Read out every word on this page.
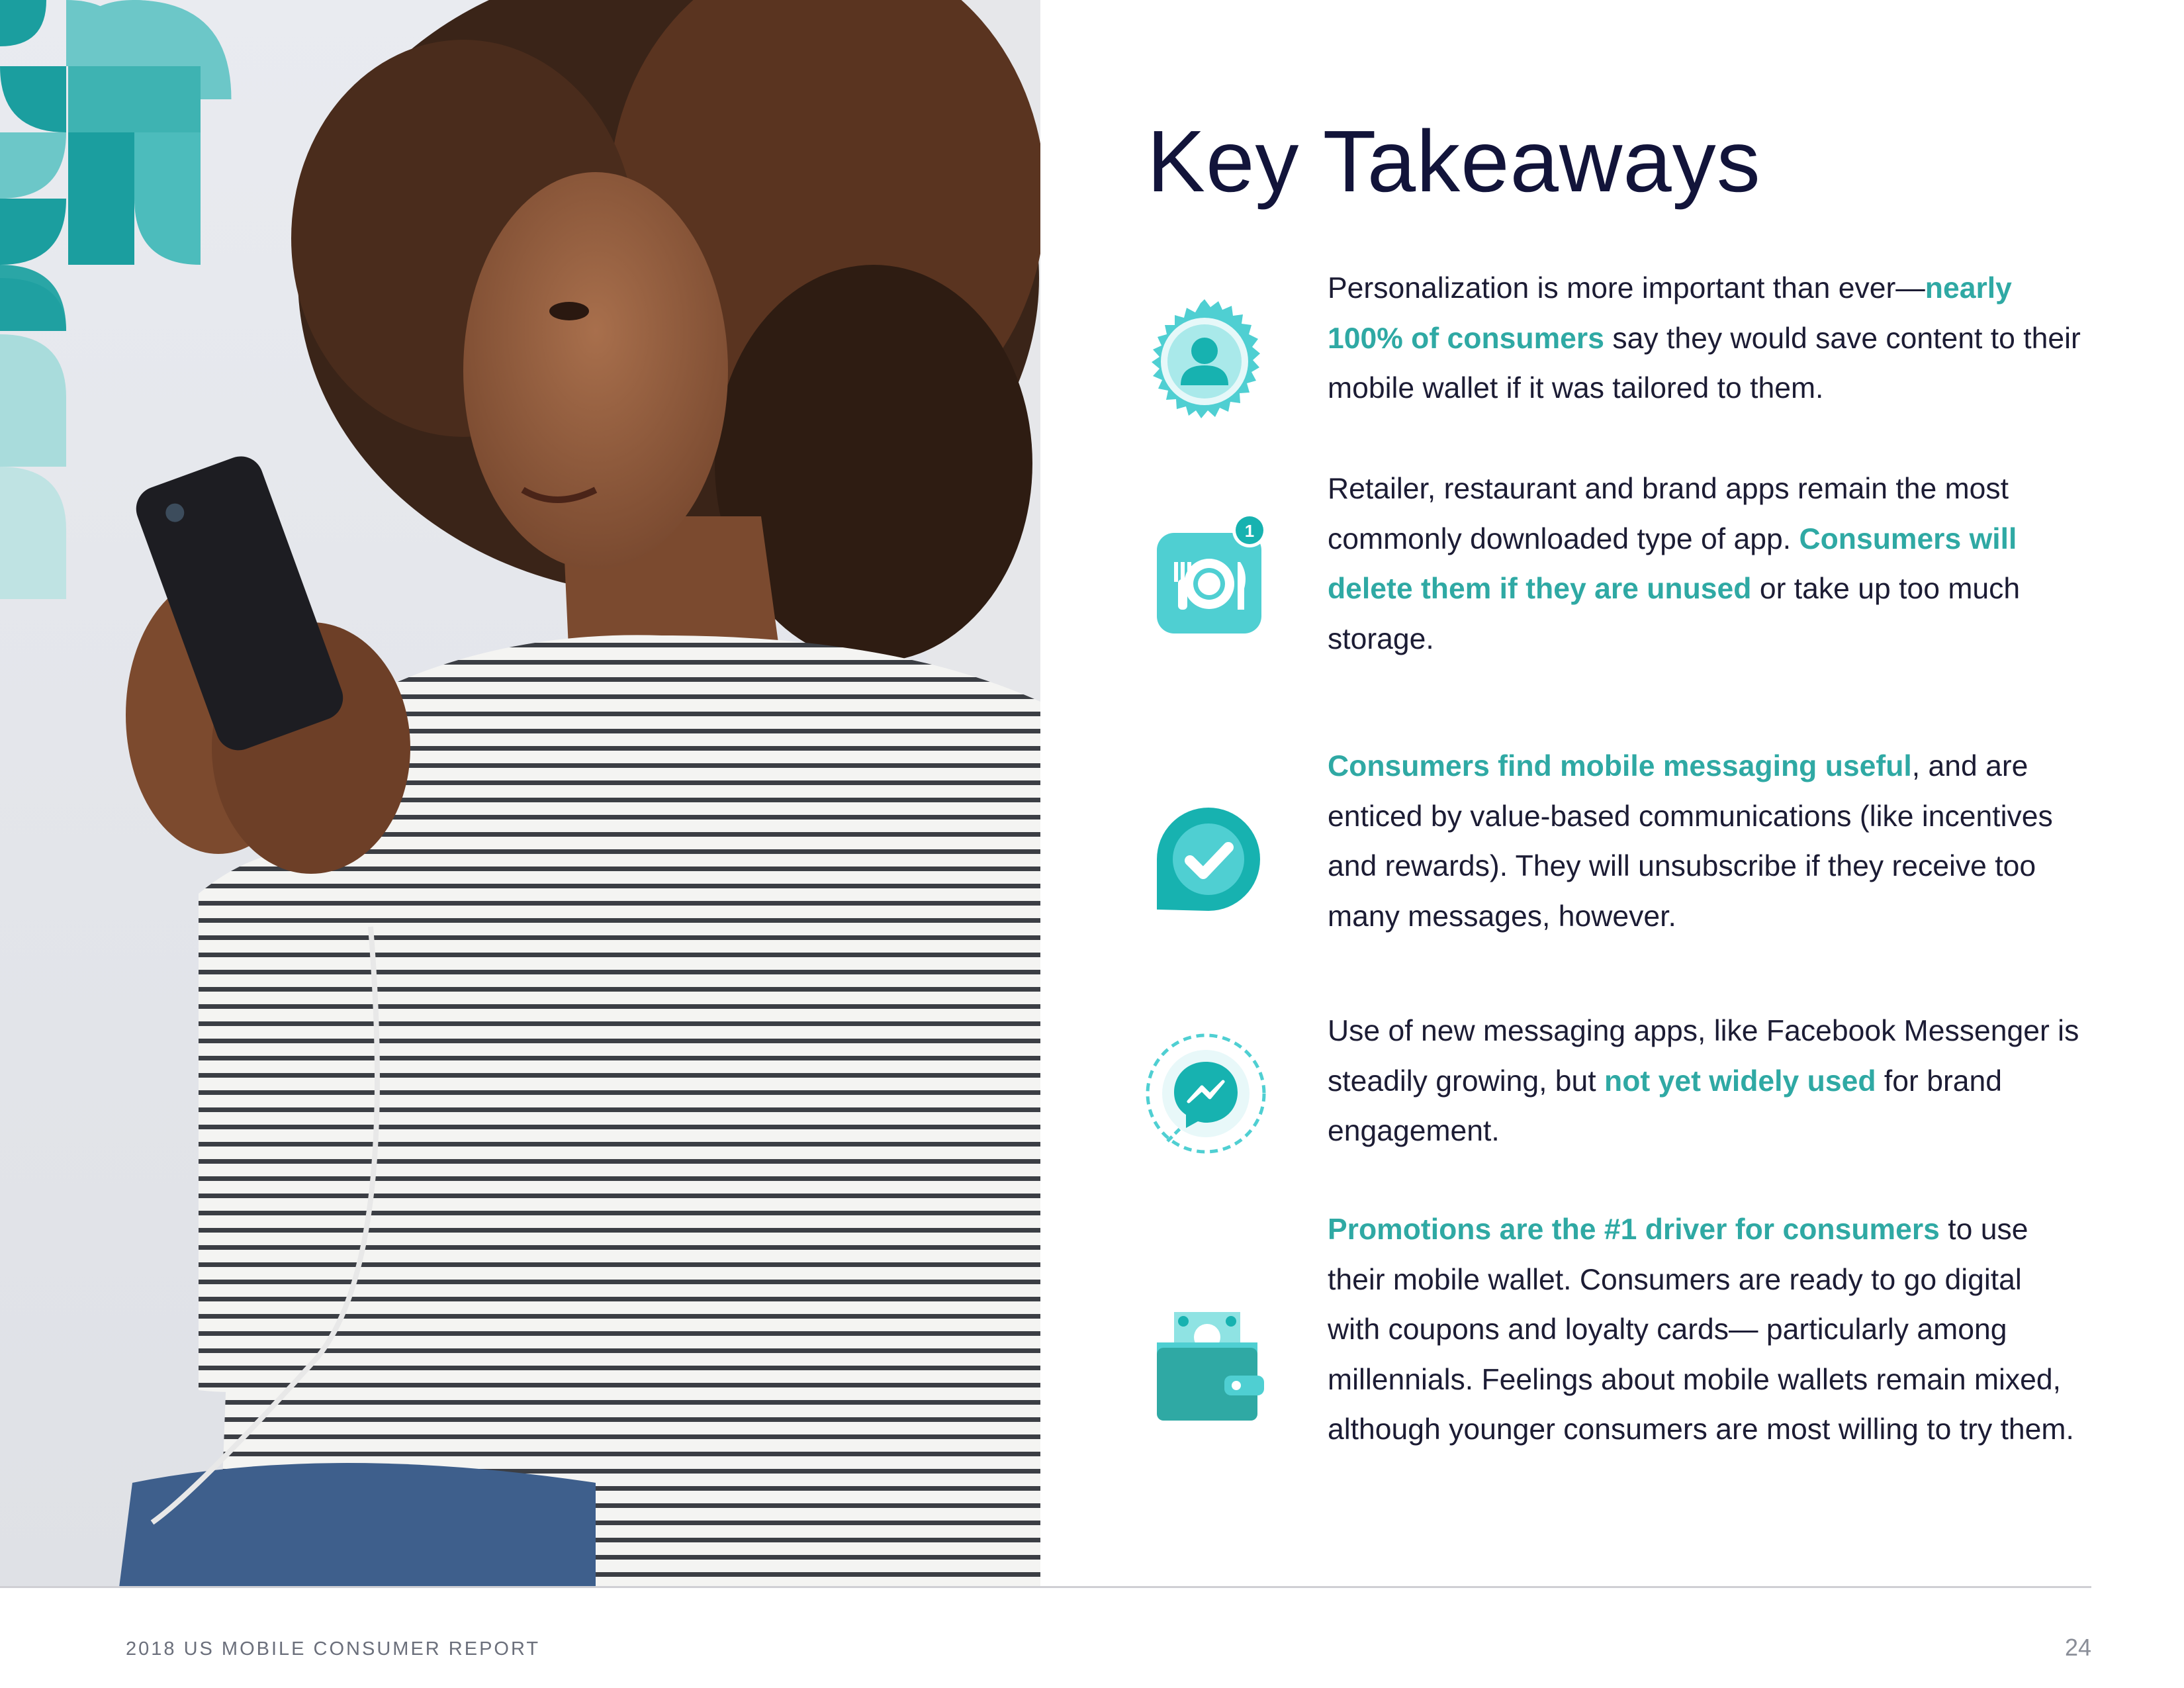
Key Takeaways

Personalization is more important than ever—nearly 100% of consumers say they would save content to their mobile wallet if it was tailored to them.

1

Retailer, restaurant and brand apps remain the most commonly downloaded type of app. Consumers will delete them if they are unused or take up too much storage.

Consumers find mobile messaging useful, and are enticed by value-based communications (like incentives and rewards). They will unsubscribe if they receive too many messages, however.

Use of new messaging apps, like Facebook Messenger is steadily growing, but not yet widely used for brand engagement.

Promotions are the #1 driver for consumers to use their mobile wallet. Consumers are ready to go digital with coupons and loyalty cards— particularly among millennials. Feelings about mobile wallets remain mixed, although younger consumers are most willing to try them.

2018 US MOBILE CONSUMER REPORT	24
